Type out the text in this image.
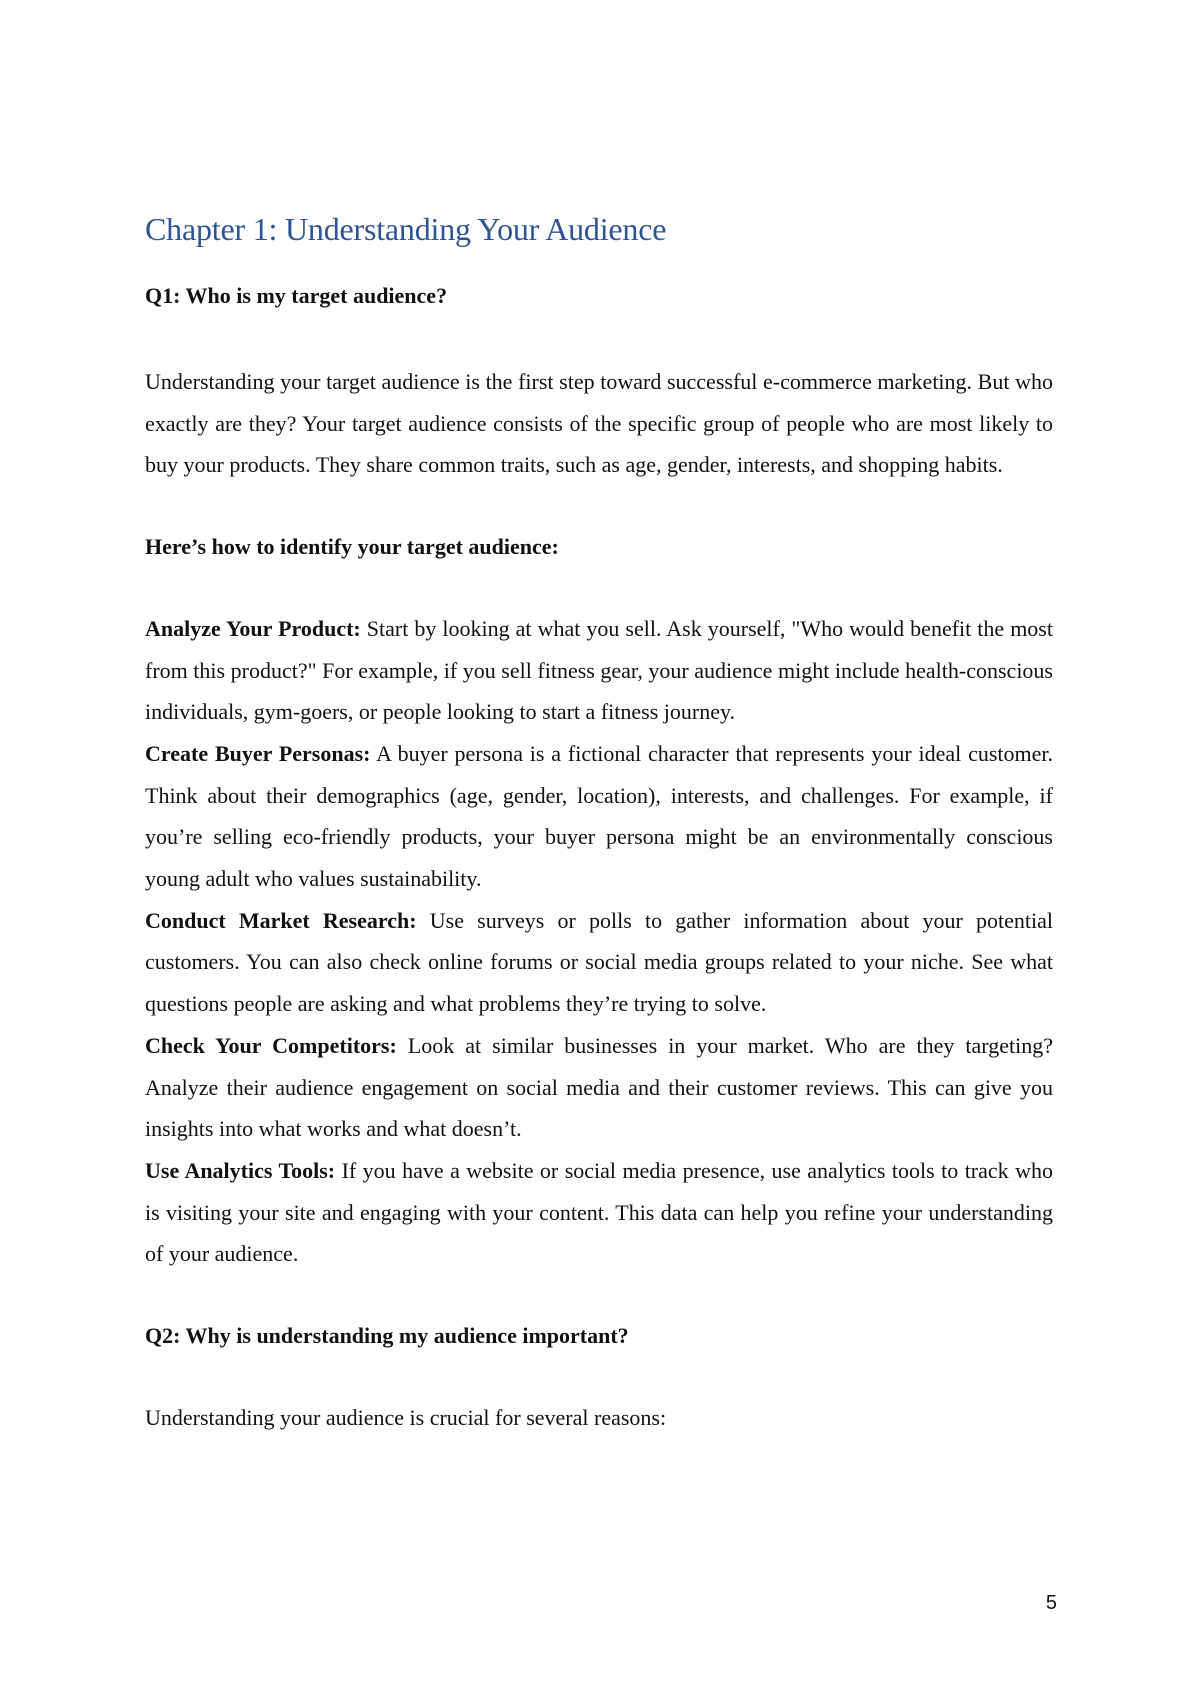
Chapter 1: Understanding Your Audience

Q1: Who is my target audience?

Understanding your target audience is the first step toward successful e-commerce marketing. But who exactly are they? Your target audience consists of the specific group of people who are most likely to buy your products. They share common traits, such as age, gender, interests, and shopping habits.

Here’s how to identify your target audience:

Analyze Your Product: Start by looking at what you sell. Ask yourself, "Who would benefit the most from this product?" For example, if you sell fitness gear, your audience might include health-conscious individuals, gym-goers, or people looking to start a fitness journey.

Create Buyer Personas: A buyer persona is a fictional character that represents your ideal customer. Think about their demographics (age, gender, location), interests, and challenges. For example, if you’re selling eco-friendly products, your buyer persona might be an environmentally conscious young adult who values sustainability.

Conduct Market Research: Use surveys or polls to gather information about your potential customers. You can also check online forums or social media groups related to your niche. See what questions people are asking and what problems they’re trying to solve.

Check Your Competitors: Look at similar businesses in your market. Who are they targeting? Analyze their audience engagement on social media and their customer reviews. This can give you insights into what works and what doesn’t.

Use Analytics Tools: If you have a website or social media presence, use analytics tools to track who is visiting your site and engaging with your content. This data can help you refine your understanding of your audience.

Q2: Why is understanding my audience important?

Understanding your audience is crucial for several reasons:

5
